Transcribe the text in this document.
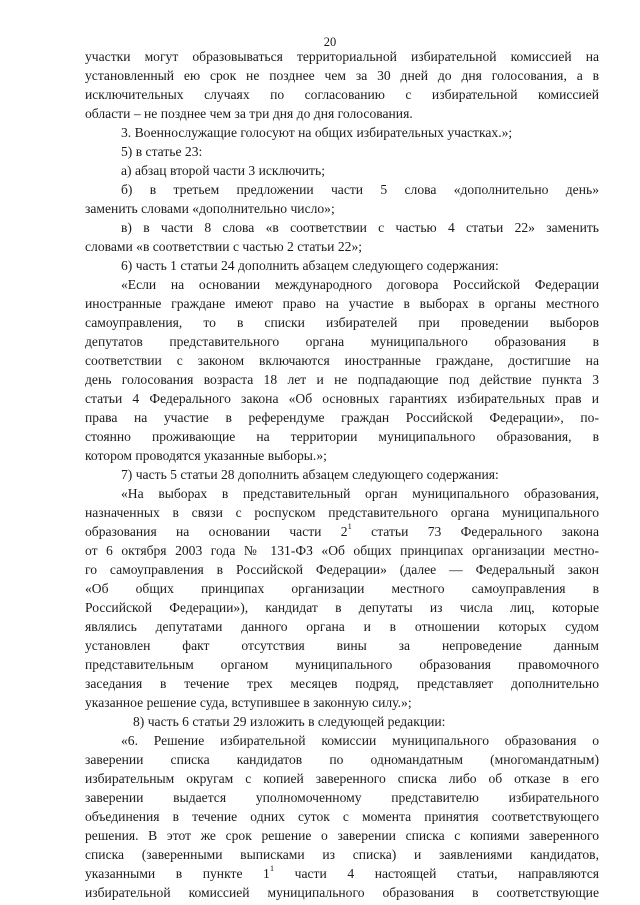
20
участки могут образовываться территориальной избирательной комиссией на
установленный ею срок не позднее чем за 30 дней до дня голосования, а в
исключительных случаях по согласованию с избирательной комиссией
области – не позднее чем за три дня до дня голосования.
3. Военнослужащие голосуют на общих избирательных участках.»;
5) в статье 23:
а) абзац второй части 3 исключить;
б) в третьем предложении части 5 слова «дополнительно день»
заменить словами «дополнительно число»;
в) в части 8 слова «в соответствии с частью 4 статьи 22» заменить
словами «в соответствии с частью 2 статьи 22»;
6) часть 1 статьи 24 дополнить абзацем следующего содержания:
«Если на основании международного договора Российской Федерации
иностранные граждане имеют право на участие в выборах в органы местного
самоуправления, то в списки избирателей при проведении выборов
депутатов представительного органа муниципального образования в
соответствии с законом включаются иностранные граждане, достигшие на
день голосования возраста 18 лет и не подпадающие под действие пункта 3
статьи 4 Федерального закона «Об основных гарантиях избирательных прав и
права на участие в референдуме граждан Российской Федерации», по-
стоянно проживающие на территории муниципального образования, в
котором проводятся указанные выборы.»;
7) часть 5 статьи 28 дополнить абзацем следующего содержания:
«На выборах в представительный орган муниципального образования,
назначенных в связи с роспуском представительного органа муниципального
образования на основании части $2^1$ статьи 73 Федерального закона
от 6 октября 2003 года № 131-ФЗ «Об общих принципах организации местно-
го самоуправления в Российской Федерации» (далее — Федеральный закон
«Об общих принципах организации местного самоуправления в
Российской Федерации»), кандидат в депутаты из числа лиц, которые
являлись депутатами данного органа и в отношении которых судом
установлен факт отсутствия вины за непроведение данным
представительным органом муниципального образования правомочного
заседания в течение трех месяцев подряд, представляет дополнительно
указанное решение суда, вступившее в законную силу.»;
8) часть 6 статьи 29 изложить в следующей редакции:
«6. Решение избирательной комиссии муниципального образования о
заверении списка кандидатов по одномандатным (многомандатным)
избирательным округам с копией заверенного списка либо об отказе в его
заверении выдается уполномоченному представителю избирательного
объединения в течение одних суток с момента принятия соответствующего
решения. В этот же срок решение о заверении списка с копиями заверенного
списка (заверенными выписками из списка) и заявлениями кандидатов,
указанными в пункте $1^1$ части 4 настоящей статьи, направляются
избирательной комиссией муниципального образования в соответствующие
